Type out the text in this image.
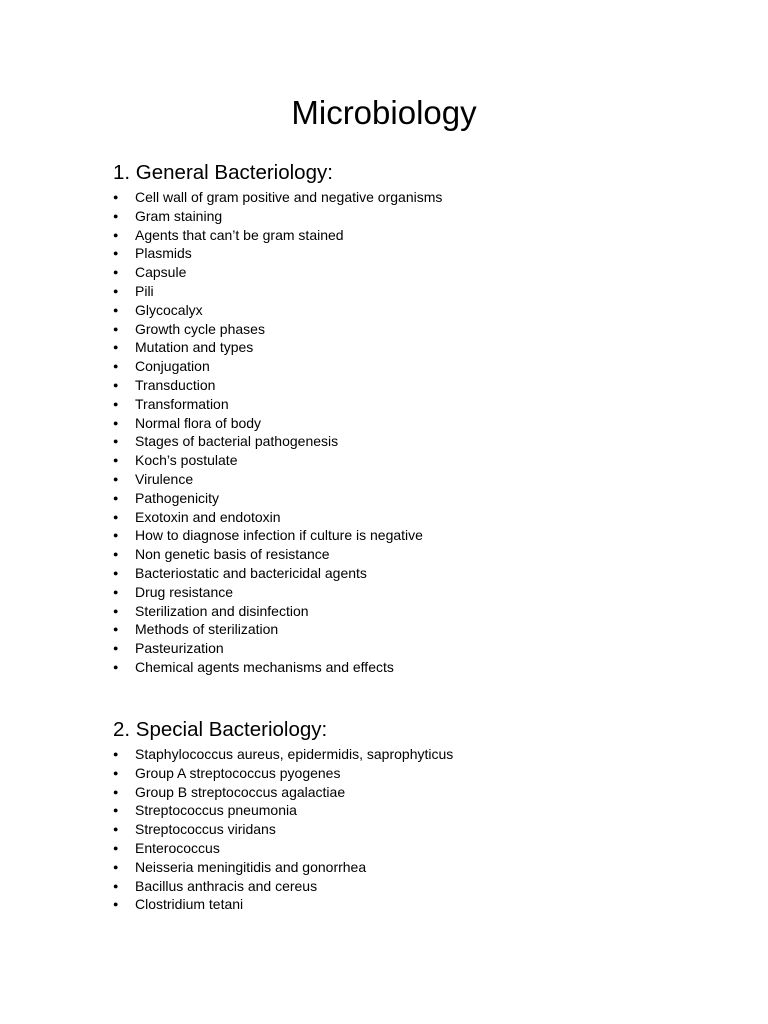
Microbiology
1. General Bacteriology:
●	Cell wall of gram positive and negative organisms
●	Gram staining
●	Agents that can’t be gram stained
●	Plasmids
●	Capsule
●	Pili
●	Glycocalyx
●	Growth cycle phases
●	Mutation and types
●	Conjugation
●	Transduction
●	Transformation
●	Normal flora of body
●	Stages of bacterial pathogenesis
●	Koch’s postulate
●	Virulence
●	Pathogenicity
●	Exotoxin and endotoxin
●	How to diagnose infection if culture is negative
●	Non genetic basis of resistance
●	Bacteriostatic and bactericidal agents
●	Drug resistance
●	Sterilization and disinfection
●	Methods of sterilization
●	Pasteurization
●	Chemical agents mechanisms and effects
2. Special Bacteriology:
●	Staphylococcus aureus, epidermidis, saprophyticus
●	Group A streptococcus pyogenes
●	Group B streptococcus agalactiae
●	Streptococcus pneumonia
●	Streptococcus viridans
●	Enterococcus
●	Neisseria meningitidis and gonorrhea
●	Bacillus anthracis and cereus
●	Clostridium tetani
